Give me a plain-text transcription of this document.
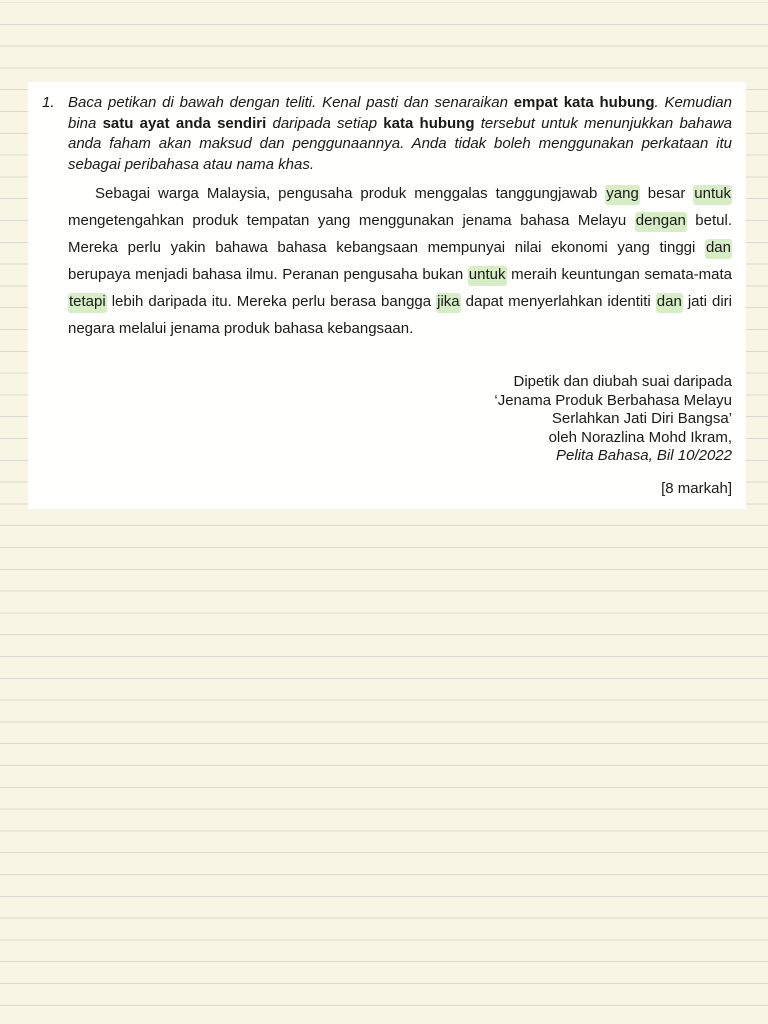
1. Baca petikan di bawah dengan teliti. Kenal pasti dan senaraikan empat kata hubung. Kemudian bina satu ayat anda sendiri daripada setiap kata hubung tersebut untuk menunjukkan bahawa anda faham akan maksud dan penggunaannya. Anda tidak boleh menggunakan perkataan itu sebagai peribahasa atau nama khas.

Sebagai warga Malaysia, pengusaha produk menggalas tanggungjawab yang besar untuk mengetengahkan produk tempatan yang menggunakan jenama bahasa Melayu dengan betul. Mereka perlu yakin bahawa bahasa kebangsaan mempunyai nilai ekonomi yang tinggi dan berupaya menjadi bahasa ilmu. Peranan pengusaha bukan untuk meraih keuntungan semata-mata tetapi lebih daripada itu. Mereka perlu berasa bangga jika dapat menyerlahkan identiti dan jati diri negara melalui jenama produk bahasa kebangsaan.

Dipetik dan diubah suai daripada
‘Jenama Produk Berbahasa Melayu
Serlahkan Jati Diri Bangsa’
oleh Norazlina Mohd Ikram,
Pelita Bahasa, Bil 10/2022
[8 markah]
